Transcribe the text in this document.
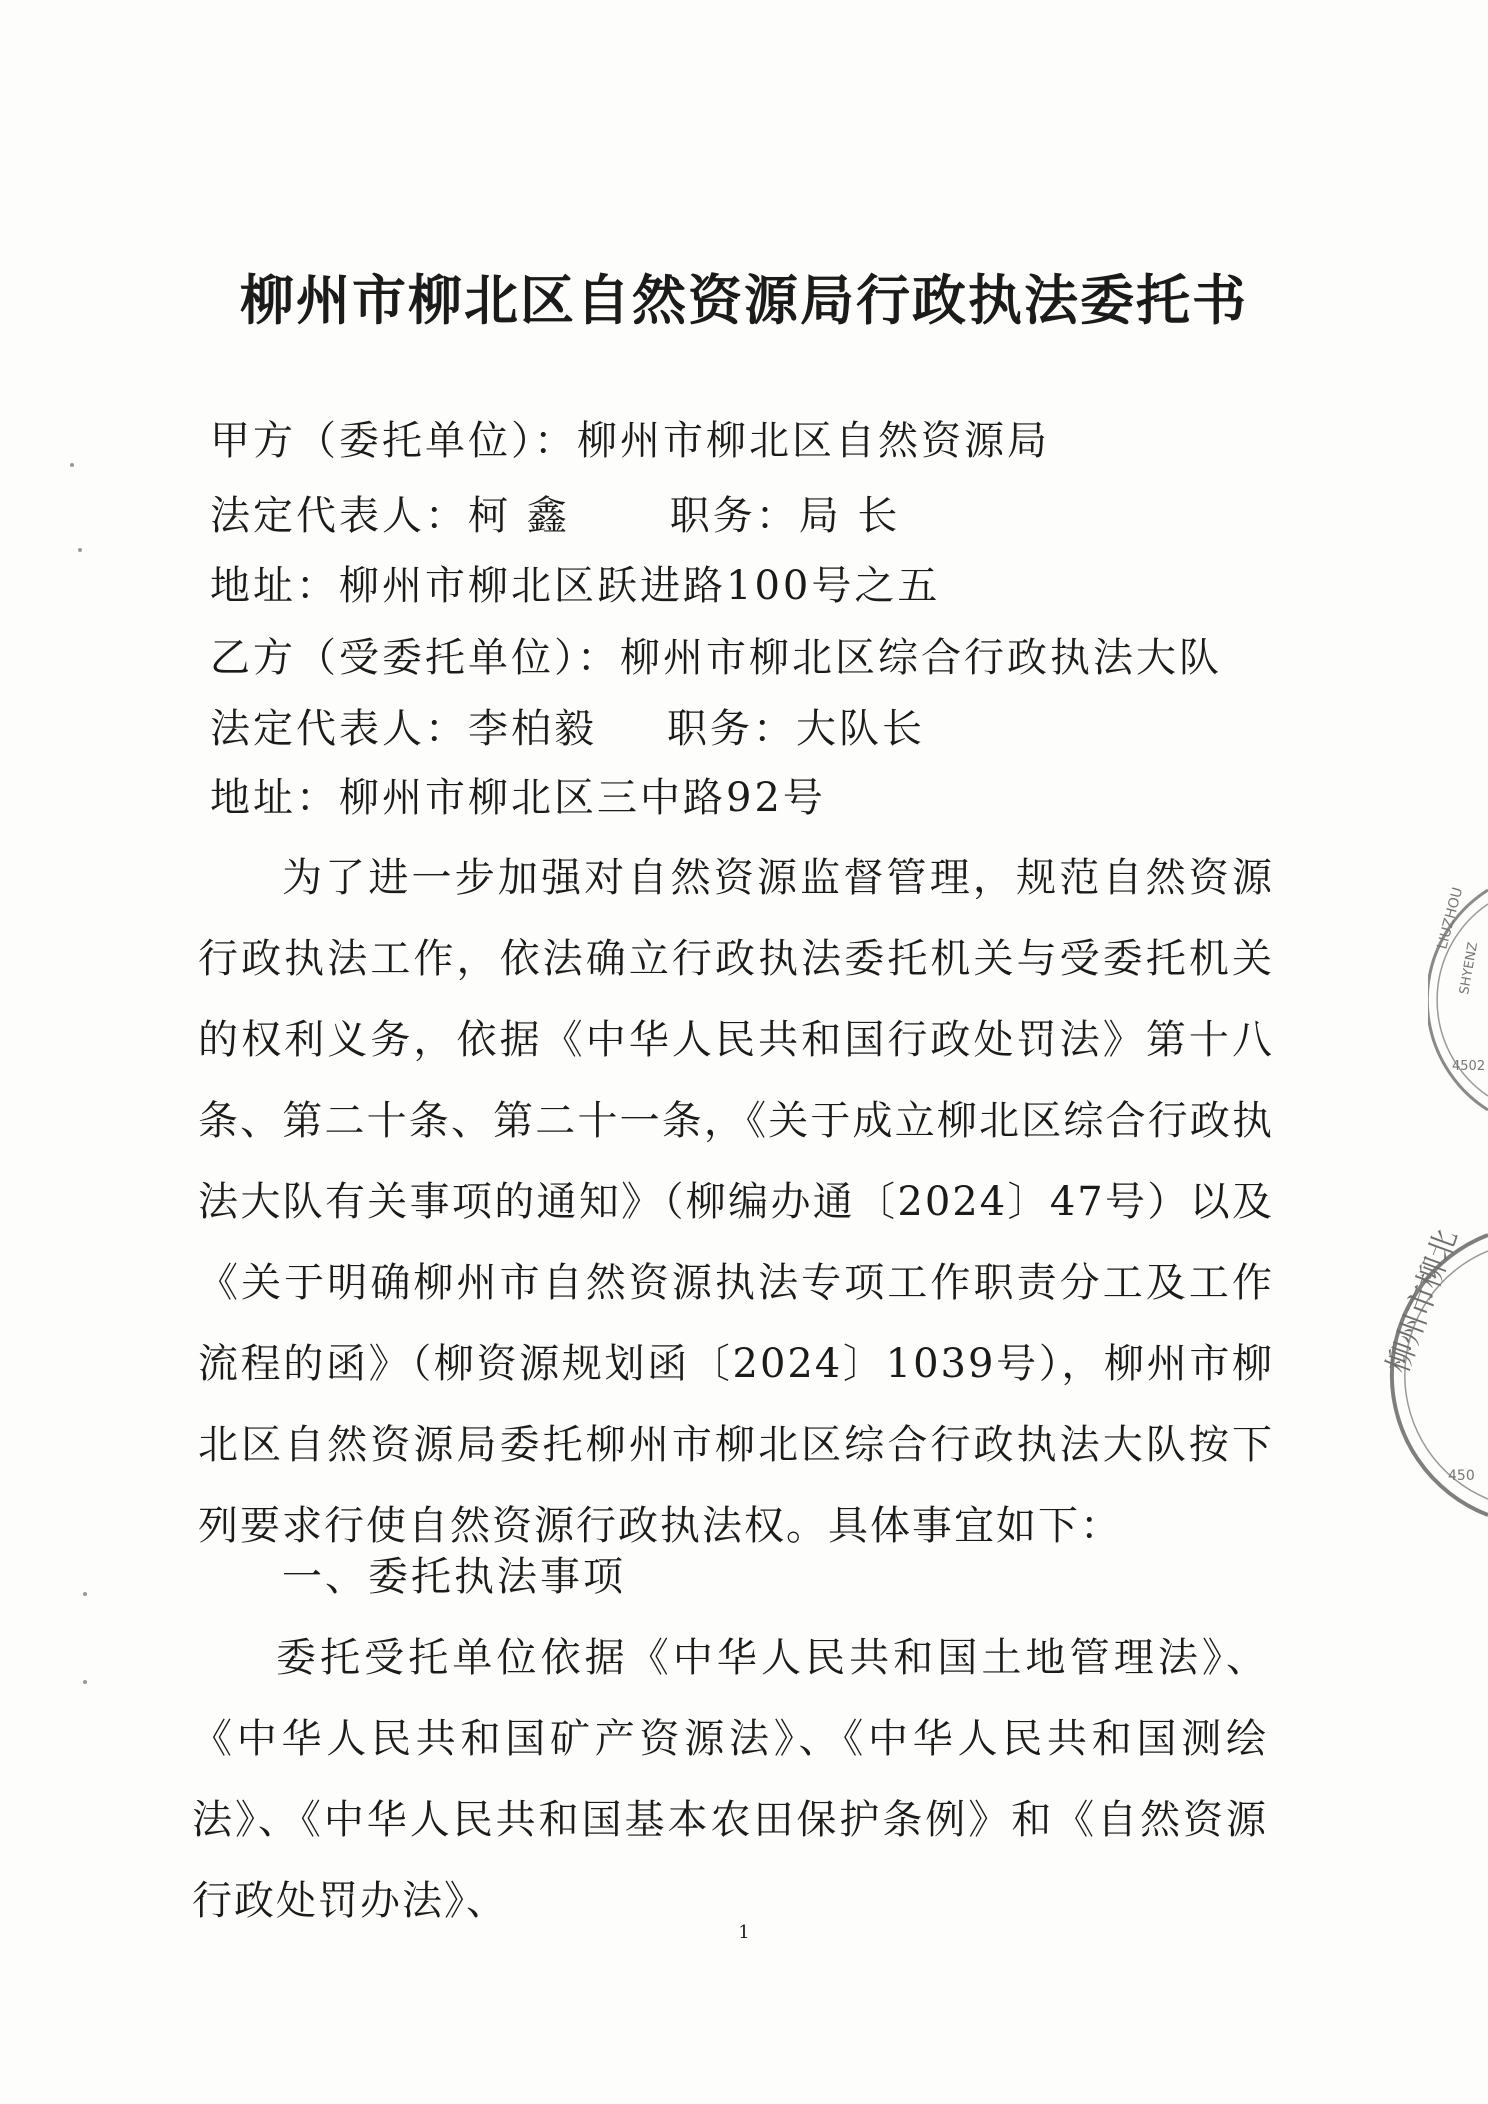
柳州市柳北区自然资源局行政执法委托书
甲方（委托单位）：柳州市柳北区自然资源局
法定代表人：柯 鑫	职务：局 长
地址：柳州市柳北区跃进路100号之五
乙方（受委托单位）：柳州市柳北区综合行政执法大队
法定代表人：李柏毅 职务：大队长
地址：柳州市柳北区三中路92号
为了进一步加强对自然资源监督管理，规范自然资源行政执法工作，依法确立行政执法委托机关与受委托机关的权利义务，依据《中华人民共和国行政处罚法》第十八条、第二十条、第二十一条，《关于成立柳北区综合行政执法大队有关事项的通知》（柳编办通〔2024〕47号）以及《关于明确柳州市自然资源执法专项工作职责分工及工作流程的函》（柳资源规划函〔2024〕1039号），柳州市柳北区自然资源局委托柳州市柳北区综合行政执法大队按下列要求行使自然资源行政执法权。具体事宜如下：
一、委托执法事项
委托受托单位依据《中华人民共和国土地管理法》、《中华人民共和国矿产资源法》、《中华人民共和国测绘法》、《中华人民共和国基本农田保护条例》和《自然资源行政处罚办法》、
1
LIUZHOU
SHYENZ
4502
柳州市柳北
450
